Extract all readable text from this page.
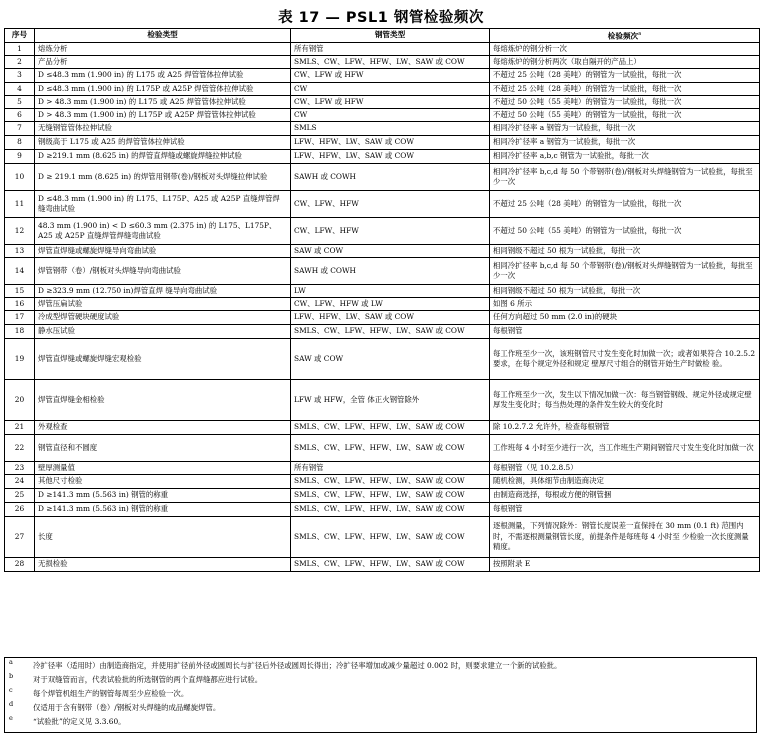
表 17 — PSL1 钢管检验频次
序号	检验类型	钢管类型	检验频次$^a$
1	熔炼分析	所有钢管	每熔炼炉的钢分析一次
2	产品分析	SMLS、CW、LFW、HFW、LW、SAW 或 COW	每熔炼炉的钢分析两次（取自隔开的产品上）
3	D ≤48.3 mm (1.900 in) 的 L175 或 A25 焊管管体拉伸试验	CW、LFW 或 HFW	不超过 25 公吨（28 美吨）的钢管为一试验批，每批一次
4	D ≤48.3 mm (1.900 in) 的 L175P 或 A25P 焊管管体拉伸试验	CW	不超过 25 公吨（28 美吨）的钢管为一试验批，每批一次
5	D > 48.3 mm (1.900 in) 的 L175 或 A25 焊管管体拉伸试验	CW、LFW 或 HFW	不超过 50 公吨（55 美吨）的钢管为一试验批，每批一次
6	D > 48.3 mm (1.900 in) 的 L175P 或 A25P 焊管管体拉伸试验	CW	不超过 50 公吨（55 美吨）的钢管为一试验批，每批一次
7	无缝钢管管体拉伸试验	SMLS	相同冷扩径率 a 钢管为一试验批，每批一次
8	钢级高于 L175 或 A25 的焊管管体拉伸试验	LFW、HFW、LW、SAW 或 COW	相同冷扩径率 a 钢管为一试验批，每批一次
9	D ≥219.1 mm (8.625 in) 的焊管直焊缝或螺旋焊缝拉伸试验	LFW、HFW、LW、SAW 或 COW	相同冷扩径率 a,b,c 钢管为一试验批，每批一次
10	D ≥ 219.1 mm (8.625 in) 的焊管用钢带(卷)/钢板对头焊缝拉伸试验	SAWH 或 COWH	相同冷扩径率 b,c,d 每 50 个带钢带(卷)/钢板对头焊缝钢管为一试验批，每批至少一次
11	D ≤48.3 mm (1.900 in) 的 L175、L175P、A25 或 A25P 直缝焊管焊缝弯曲试验	CW、LFW、HFW	不超过 25 公吨（28 美吨）的钢管为一试验批，每批一次
12	48.3 mm (1.900 in) < D ≤60.3 mm (2.375 in) 的 L175、L175P、A25 或 A25P 直缝焊管焊缝弯曲试验	CW、LFW、HFW	不超过 50 公吨（55 美吨）的钢管为一试验批，每批一次
13	焊管直焊缝或螺旋焊缝导向弯曲试验	SAW 或 COW	相同钢级不超过 50 根为一试验批，每批一次
14	焊管钢带（卷）/钢板对头焊缝导向弯曲试验	SAWH 或 COWH	相同冷扩径率 b,c,d 每 50 个带钢带(卷)/钢板对头焊缝钢管为一试验批，每批至少一次
15	D ≥323.9 mm (12.750 in)焊管直焊 缝导向弯曲试验	LW	相同钢级不超过 50 根为一试验批，每批一次
16	焊管压扁试验	CW、LFW、HFW 或 LW	如图 6 所示
17	冷成型焊管硬块硬度试验	LFW、HFW、LW、SAW 或 COW	任何方向超过 50 mm (2.0 in)的硬块
18	静水压试验	SMLS、CW、LFW、HFW、LW、SAW 或 COW	每根钢管
19	焊管直焊缝或螺旋焊缝宏观检验	SAW 或 COW	每工作班至少一次，该班钢管尺寸发生变化时加做一次；或者如果符合 10.2.5.2 要求，在每个规定外径和规定 壁厚尺寸组合的钢管开始生产时做检 验。
20	焊管直焊缝金相检验	LFW 或 HFW，全管 体正火钢管除外	每工作班至少一次，发生以下情况加做一次：每当钢管钢级、规定外径或规定壁厚发生变化时；每当热处理的条件发生较大的变化时
21	外观检查	SMLS、CW、LFW、HFW、LW、SAW 或 COW	除 10.2.7.2 允许外，检查每根钢管
22	钢管直径和不圆度	SMLS、CW、LFW、HFW、LW、SAW 或 COW	工作班每 4 小时至少进行一次，当工作班生产期间钢管尺寸发生变化时加做一次
23	壁厚测量值	所有钢管	每根钢管（见 10.2.8.5）
24	其他尺寸检验	SMLS、CW、LFW、HFW、LW、SAW 或 COW	随机检测，具体细节由制造商决定
25	D ≥141.3 mm (5.563 in) 钢管的称重	SMLS、CW、LFW、HFW、LW、SAW 或 COW	由制造商选择，每根或方便的钢管捆
26	D ≥141.3 mm (5.563 in) 钢管的称重	SMLS、CW、LFW、HFW、LW、SAW 或 COW	每根钢管
27	长度	SMLS、CW、LFW、HFW、LW、SAW 或 COW	逐根测量，下列情况除外：钢管长度误差一直保持在 30 mm (0.1 ft) 范围内时，不需逐根测量钢管长度，前提条件是每班每 4 小时至 少检验一次长度测量精度。
28	无损检验	SMLS、CW、LFW、HFW、LW、SAW 或 COW	按照附录 E
a	冷扩径率（适用时）由制造商指定，并使用扩径前外径或圆周长与扩径后外径或圆周长得出；冷扩径率增加或减少量超过 0.002 时，则要求建立一个新的试验批。
b	对于双缝管而言，代表试验批的所选钢管的两个直焊缝都应进行试验。
c	每个焊管机组生产的钢管每周至少应检验一次。
d	仅适用于含有钢带（卷）/钢板对头焊缝的成品螺旋焊管。
e	“试验批”的定义见 3.3.60。
